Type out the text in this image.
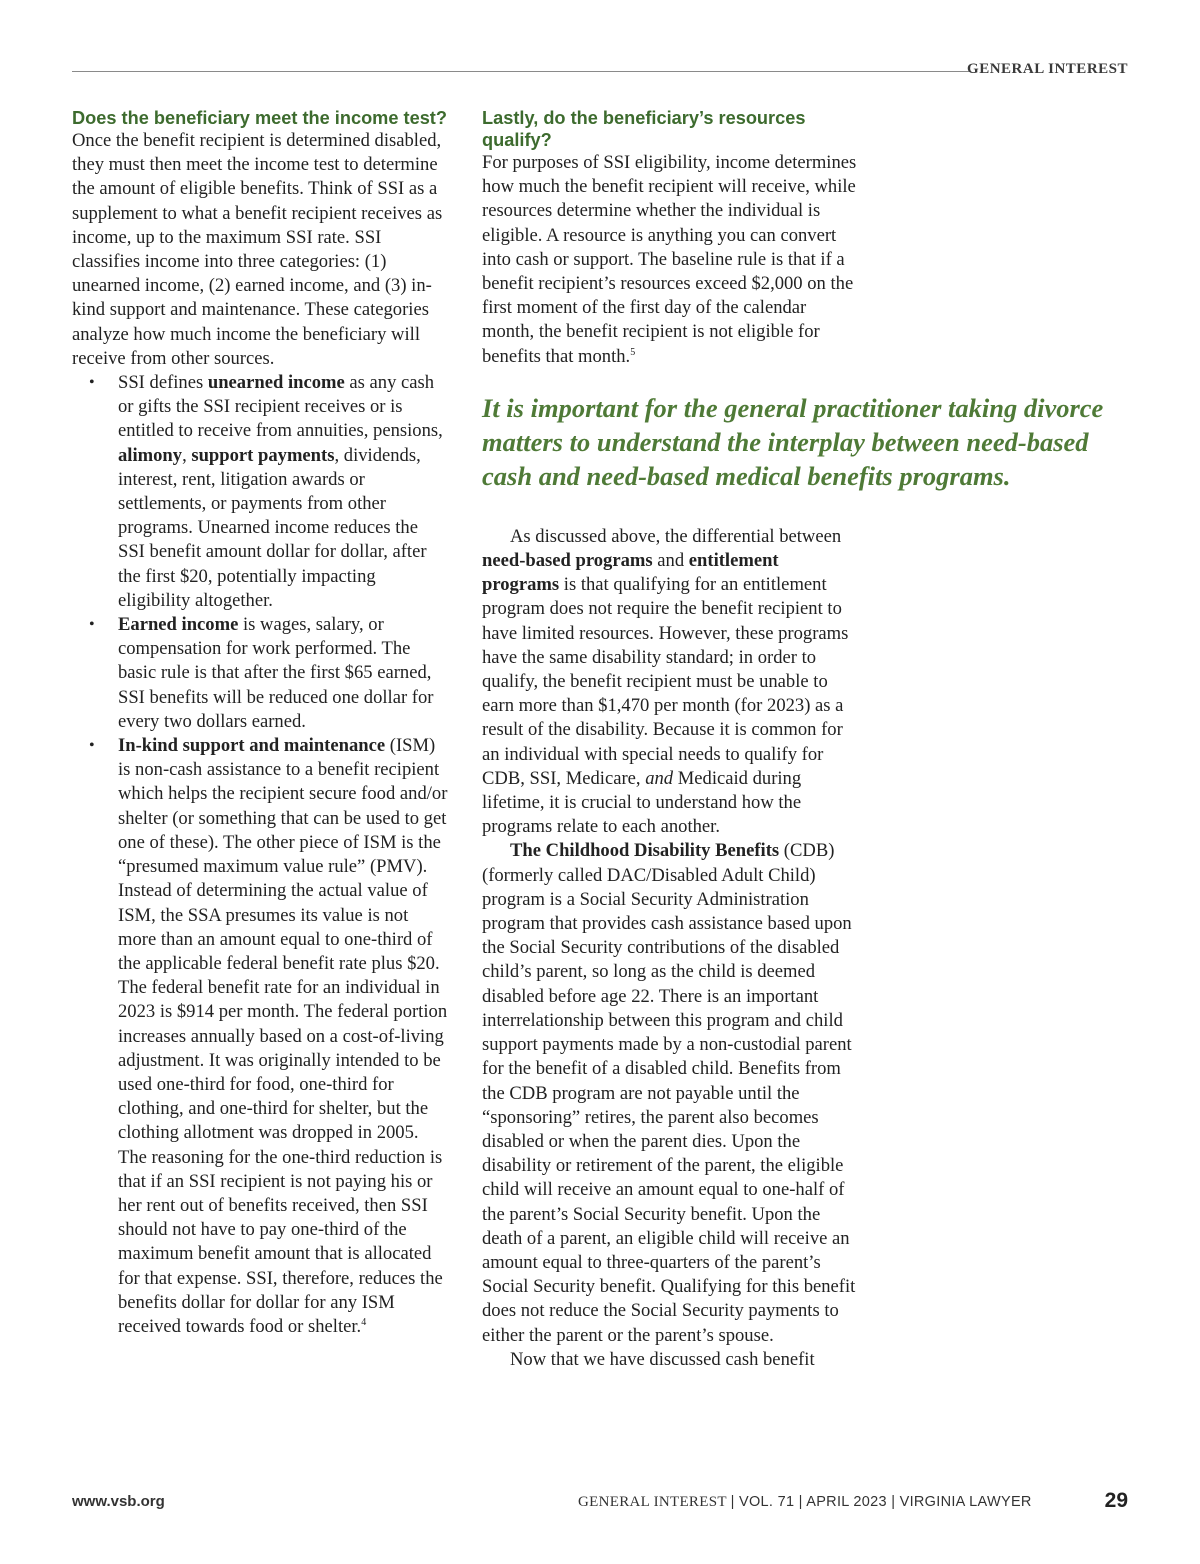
GENERAL INTEREST
Does the beneficiary meet the income test?

Once the benefit recipient is determined disabled, they must then meet the income test to determine the amount of eligible benefits. Think of SSI as a supplement to what a benefit recipient receives as income, up to the maximum SSI rate. SSI classifies income into three categories: (1) unearned income, (2) earned income, and (3) in-kind support and maintenance. These categories analyze how much income the beneficiary will receive from other sources.

• SSI defines unearned income as any cash or gifts the SSI recipient receives or is entitled to receive from annuities, pensions, alimony, support payments, dividends, interest, rent, litigation awards or settlements, or payments from other programs. Unearned income reduces the SSI benefit amount dollar for dollar, after the first $20, potentially impacting eligibility altogether.
• Earned income is wages, salary, or compensation for work performed. The basic rule is that after the first $65 earned, SSI benefits will be reduced one dollar for every two dollars earned.
• In-kind support and maintenance (ISM) is non-cash assistance to a benefit recipient which helps the recipient secure food and/or shelter (or something that can be used to get one of these). The other piece of ISM is the “presumed maximum value rule” (PMV). Instead of determining the actual value of ISM, the SSA presumes its value is not more than an amount equal to one-third of the applicable federal benefit rate plus $20. The federal benefit rate for an individual in 2023 is $914 per month. The federal portion increases annually based on a cost-of-living adjustment. It was originally intended to be used one-third for food, one-third for clothing, and one-third for shelter, but the clothing allotment was dropped in 2005. The reasoning for the one-third reduction is that if an SSI recipient is not paying his or her rent out of benefits received, then SSI should not have to pay one-third of the maximum benefit amount that is allocated for that expense. SSI, therefore, reduces the benefits dollar for dollar for any ISM received towards food or shelter.$^4$
Lastly, do the beneficiary’s resources qualify?

For purposes of SSI eligibility, income determines how much the benefit recipient will receive, while resources determine whether the individual is eligible. A resource is anything you can convert into cash or support. The baseline rule is that if a benefit recipient’s resources exceed $2,000 on the first moment of the first day of the calendar month, the benefit recipient is not eligible for benefits that month.$^5$

It is important for the general practitioner taking divorce matters to understand the interplay between need-based cash and need-based medical benefits programs.

As discussed above, the differential between need-based programs and entitlement programs is that qualifying for an entitlement program does not require the benefit recipient to have limited resources. However, these programs have the same disability standard; in order to qualify, the benefit recipient must be unable to earn more than $1,470 per month (for 2023) as a result of the disability. Because it is common for an individual with special needs to qualify for CDB, SSI, Medicare, and Medicaid during lifetime, it is crucial to understand how the programs relate to each another.

The Childhood Disability Benefits (CDB) (formerly called DAC/Disabled Adult Child) program is a Social Security Administration program that provides cash assistance based upon the Social Security contributions of the disabled child’s parent, so long as the child is deemed disabled before age 22. There is an important interrelationship between this program and child support payments made by a non-custodial parent for the benefit of a disabled child. Benefits from the CDB program are not payable until the “sponsoring” retires, the parent also becomes disabled or when the parent dies. Upon the disability or retirement of the parent, the eligible child will receive an amount equal to one-half of the parent’s Social Security benefit. Upon the death of a parent, an eligible child will receive an amount equal to three-quarters of the parent’s Social Security benefit. Qualifying for this benefit does not reduce the Social Security payments to either the parent or the parent’s spouse.

Now that we have discussed cash benefit

www.vsb.org	GENERAL INTEREST | VOL. 71 | APRIL 2023 | VIRGINIA LAWYER	29
